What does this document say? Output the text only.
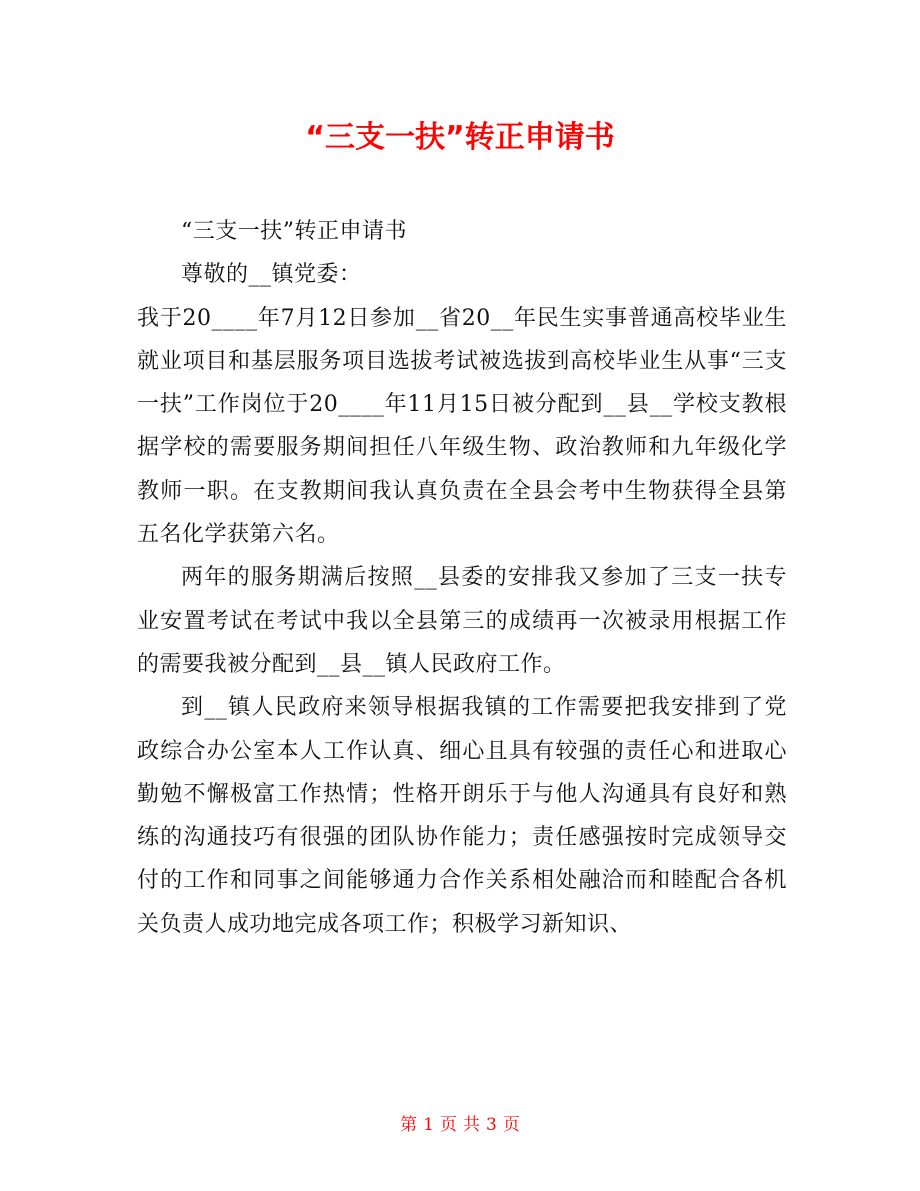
“三支一扶”转正申请书

“三支一扶”转正申请书

尊敬的__镇党委：

我于20____年7月12日参加__省20__年民生实事普通高校毕业生就业项目和基层服务项目选拔考试被选拔到高校毕业生从事“三支一扶”工作岗位于20____年11月15日被分配到__县__学校支教根据学校的需要服务期间担任八年级生物、政治教师和九年级化学教师一职。在支教期间我认真负责在全县会考中生物获得全县第五名化学获第六名。

两年的服务期满后按照__县委的安排我又参加了三支一扶专业安置考试在考试中我以全县第三的成绩再一次被录用根据工作的需要我被分配到__县__镇人民政府工作。

到__镇人民政府来领导根据我镇的工作需要把我安排到了党政综合办公室本人工作认真、细心且具有较强的责任心和进取心勤勉不懈极富工作热情；性格开朗乐于与他人沟通具有良好和熟练的沟通技巧有很强的团队协作能力；责任感强按时完成领导交付的工作和同事之间能够通力合作关系相处融洽而和睦配合各机关负责人成功地完成各项工作；积极学习新知识、

第 1 页 共 3 页
